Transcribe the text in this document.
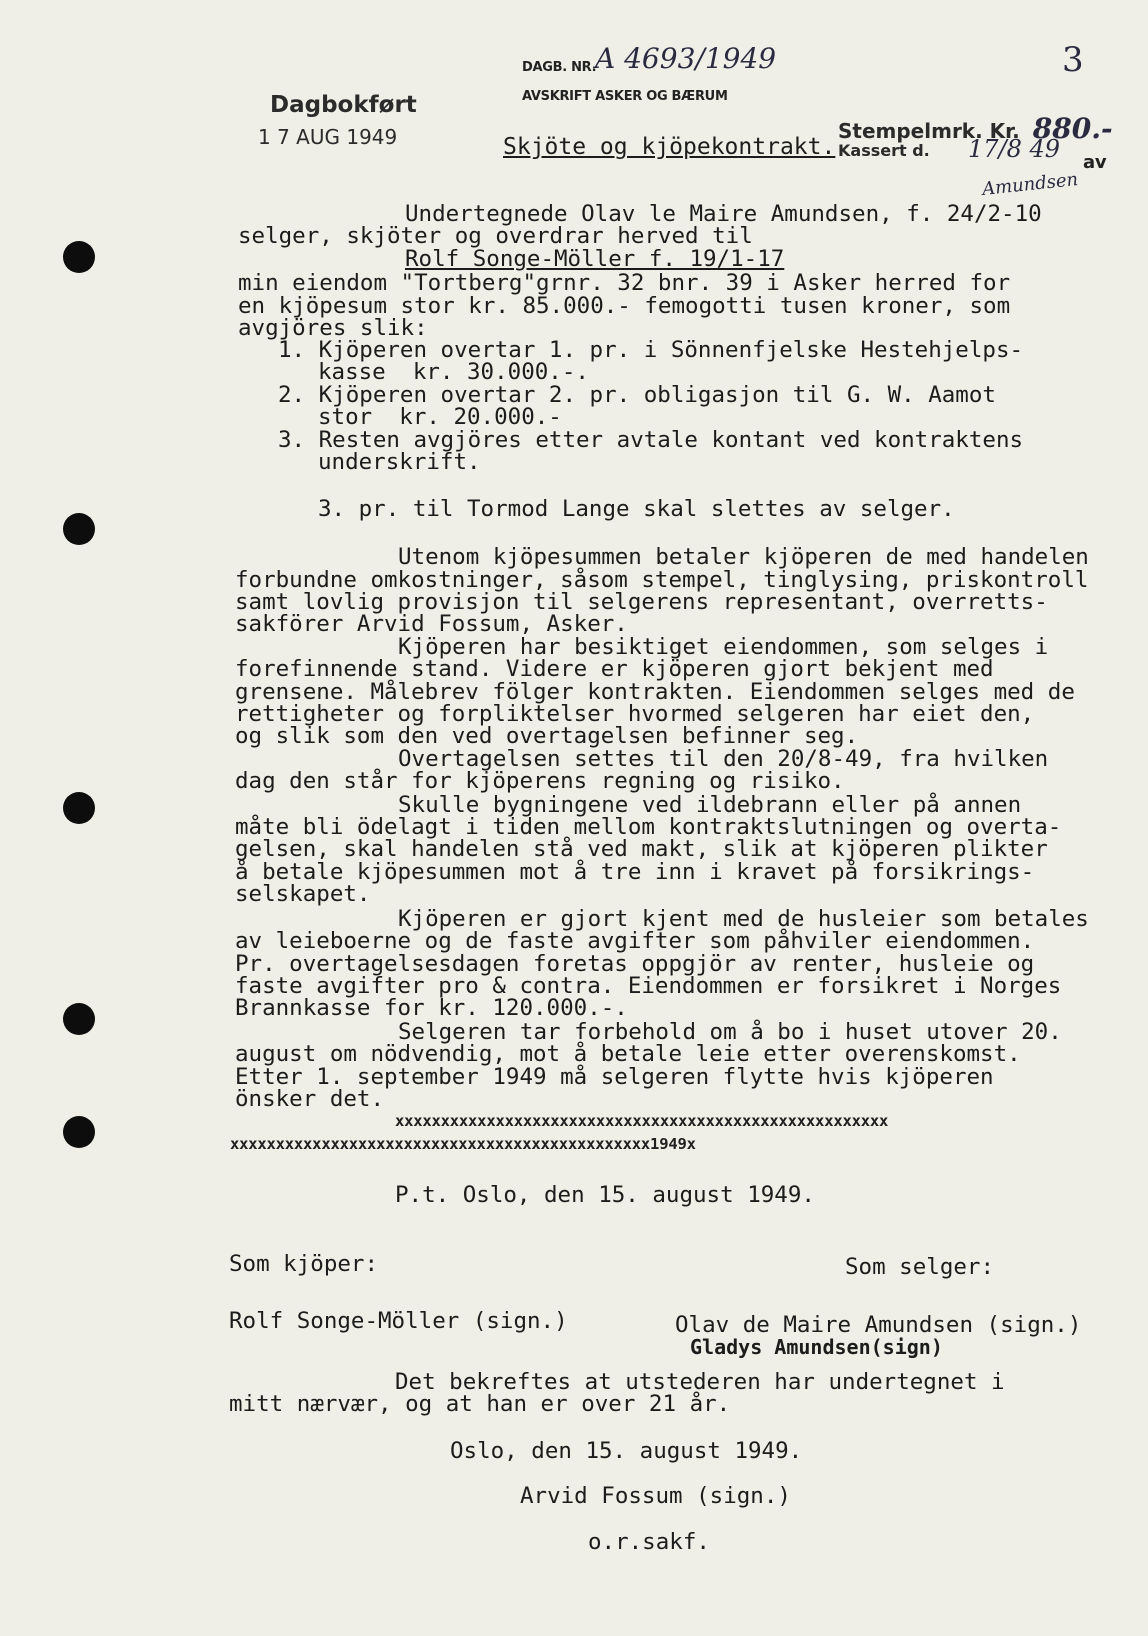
3
DAGB. NR.
A 4693/1949
AVSKRIFT ASKER OG BÆRUM
Dagbokført
1 7 AUG 1949	Stempelmrk. Kr. 880.-
Kassert d. 17/8 49 av
Amundsen
Skjöte og kjöpekontrakt.
Undertegnede Olav le Maire Amundsen, f. 24/2-10
selger, skjöter og overdrar herved til
Rolf Songe-Möller f. 19/1-17
min eiendom "Tortberg"grnr. 32 bnr. 39 i Asker herred for
en kjöpesum stor kr. 85.000.- femogotti tusen kroner, som
avgjöres slik:
1. Kjöperen overtar 1. pr. i Sönnenfjelske Hestehjelps-
kasse  kr. 30.000.-.
2. Kjöperen overtar 2. pr. obligasjon til G. W. Aamot
stor  kr. 20.000.-
3. Resten avgjöres etter avtale kontant ved kontraktens
underskrift.
3. pr. til Tormod Lange skal slettes av selger.
Utenom kjöpesummen betaler kjöperen de med handelen
forbundne omkostninger, såsom stempel, tinglysing, priskontroll
samt lovlig provisjon til selgerens representant, overretts-
sakförer Arvid Fossum, Asker.
Kjöperen har besiktiget eiendommen, som selges i
forefinnende stand. Videre er kjöperen gjort bekjent med
grensene. Målebrev fölger kontrakten. Eiendommen selges med de
rettigheter og forpliktelser hvormed selgeren har eiet den,
og slik som den ved overtagelsen befinner seg.
Overtagelsen settes til den 20/8-49, fra hvilken
dag den står for kjöperens regning og risiko.
Skulle bygningene ved ildebrann eller på annen
måte bli ödelagt i tiden mellom kontraktslutningen og overta-
gelsen, skal handelen stå ved makt, slik at kjöperen plikter
å betale kjöpesummen mot å tre inn i kravet på forsikrings-
selskapet.
Kjöperen er gjort kjent med de husleier som betales
av leieboerne og de faste avgifter som påhviler eiendommen.
Pr. overtagelsesdagen foretas oppgjör av renter, husleie og
faste avgifter pro & contra. Eiendommen er forsikret i Norges
Brannkasse for kr. 120.000.-.
Selgeren tar forbehold om å bo i huset utover 20.
august om nödvendig, mot å betale leie etter overenskomst.
Etter 1. september 1949 må selgeren flytte hvis kjöperen
önsker det.
xxxxxxxxxxxxxxxxxxxxxxxxxxxxxxxxxxxxxxxxxxxxxxxxxxxxxx
xxxxxxxxxxxxxxxxxxxxxxxxxxxxxxxxxxxxxxxxxxxxxx1949x
P.t. Oslo, den 15. august 1949.
Som kjöper:	Som selger:
Rolf Songe-Möller (sign.)	Olav de Maire Amundsen (sign.)
Gladys Amundsen(sign)
Det bekreftes at utstederen har undertegnet i
mitt nærvær, og at han er over 21 år.
Oslo, den 15. august 1949.
Arvid Fossum (sign.)
o.r.sakf.
